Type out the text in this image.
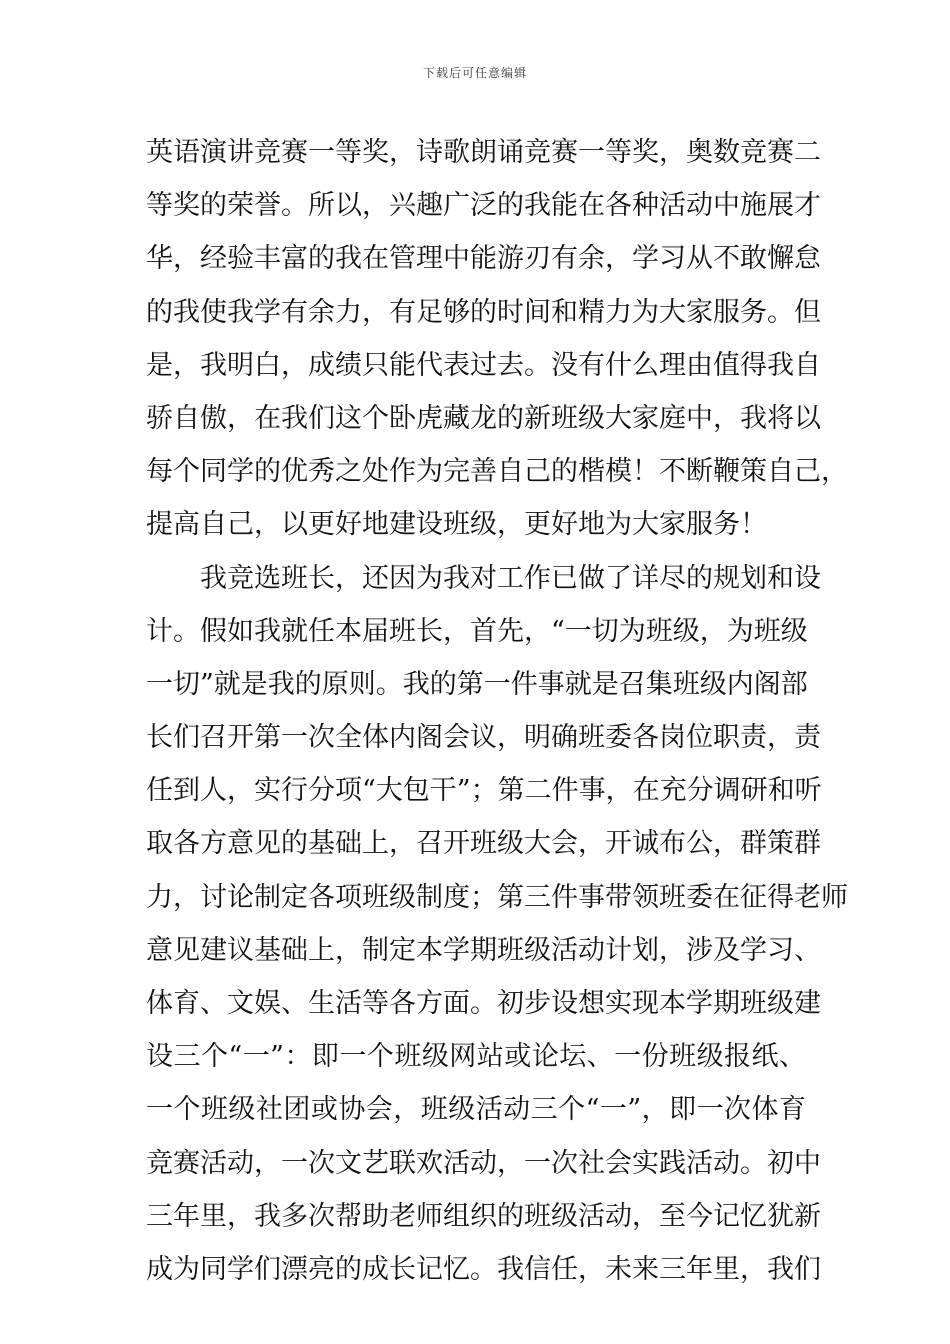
下载后可任意编辑
英语演讲竞赛一等奖，诗歌朗诵竞赛一等奖，奥数竞赛二
等奖的荣誉。所以，兴趣广泛的我能在各种活动中施展才
华，经验丰富的我在管理中能游刃有余，学习从不敢懈怠
的我使我学有余力，有足够的时间和精力为大家服务。但
是，我明白，成绩只能代表过去。没有什么理由值得我自
骄自傲，在我们这个卧虎藏龙的新班级大家庭中，我将以
每个同学的优秀之处作为完善自己的楷模！不断鞭策自己，
提高自己，以更好地建设班级，更好地为大家服务！
我竞选班长，还因为我对工作已做了详尽的规划和设
计。假如我就任本届班长，首先，“一切为班级，为班级
一切”就是我的原则。我的第一件事就是召集班级内阁部
长们召开第一次全体内阁会议，明确班委各岗位职责，责
任到人，实行分项“大包干”；第二件事，在充分调研和听
取各方意见的基础上，召开班级大会，开诚布公，群策群
力，讨论制定各项班级制度；第三件事带领班委在征得老师
意见建议基础上，制定本学期班级活动计划，涉及学习、
体育、文娱、生活等各方面。初步设想实现本学期班级建
设三个“一”：即一个班级网站或论坛、一份班级报纸、
一个班级社团或协会，班级活动三个“一”，即一次体育
竞赛活动，一次文艺联欢活动，一次社会实践活动。初中
三年里，我多次帮助老师组织的班级活动，至今记忆犹新
成为同学们漂亮的成长记忆。我信任，未来三年里，我们
